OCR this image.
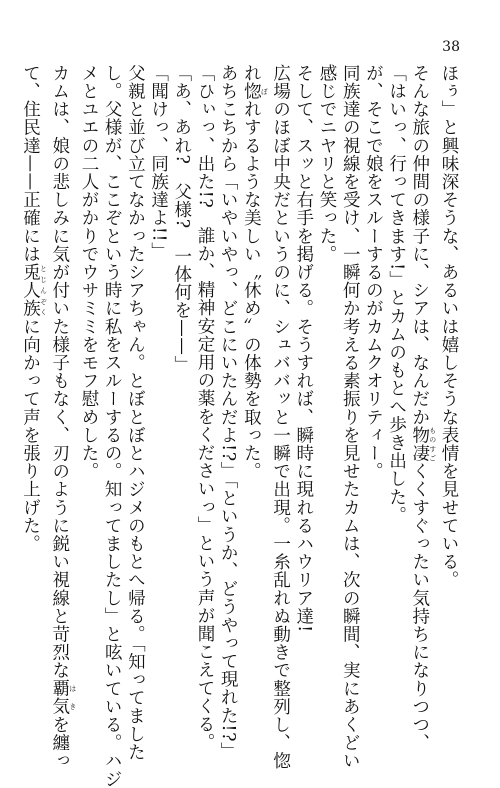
38
ほぅ」と興味深そうな、あるいは嬉しそうな表情を見せている。
そんな旅の仲間の様子に、シアは、なんだか物凄 ものすごくくすぐったい気持ちになりつつ、
「はいっ、行ってきます!」とカムのもとへ歩き出した。
が、そこで娘をスルーするのがカムクオリティー。
同族達の視線を受け、一瞬何か考える素振りを見せたカムは、次の瞬間、実にあくどい
感じでニヤリと笑った。
そして、スッと右手を掲げる。そうすれば、瞬時に現れるハウリア達!
広場のほぼ中央だというのに、シュババッと一瞬で出現。一糸乱れぬ動きで整列し、惚
れ惚 ぼれするような美しい〝休め〟の体勢を取った。
あちこちから「いやいやっ、どこにいたんだよ!?」「というか、どうやって現れた!?」
「ひぃっ、出た!?　誰か、精神安定用の薬をくださいっ」という声が聞こえてくる。
「あ、あれ?　父様?　一体何を——」
「聞けっ、同族達よ!!」
父親と並び立てなかったシアちゃん。とぼとぼとハジメのもとへ帰る。「知ってました
し。父様が、ここぞという時に私をスルーするの。知ってましたし」と呟いている。ハジ
メとユエの二人がかりでウサミミをモフ慰めした。
カムは、娘の悲しみに気が付いた様子もなく、刃のように鋭い視線と苛烈な覇気 はきを纏っ
て、住民達——正確には兎人族 とじんぞくに向かって声を張り上げた。
